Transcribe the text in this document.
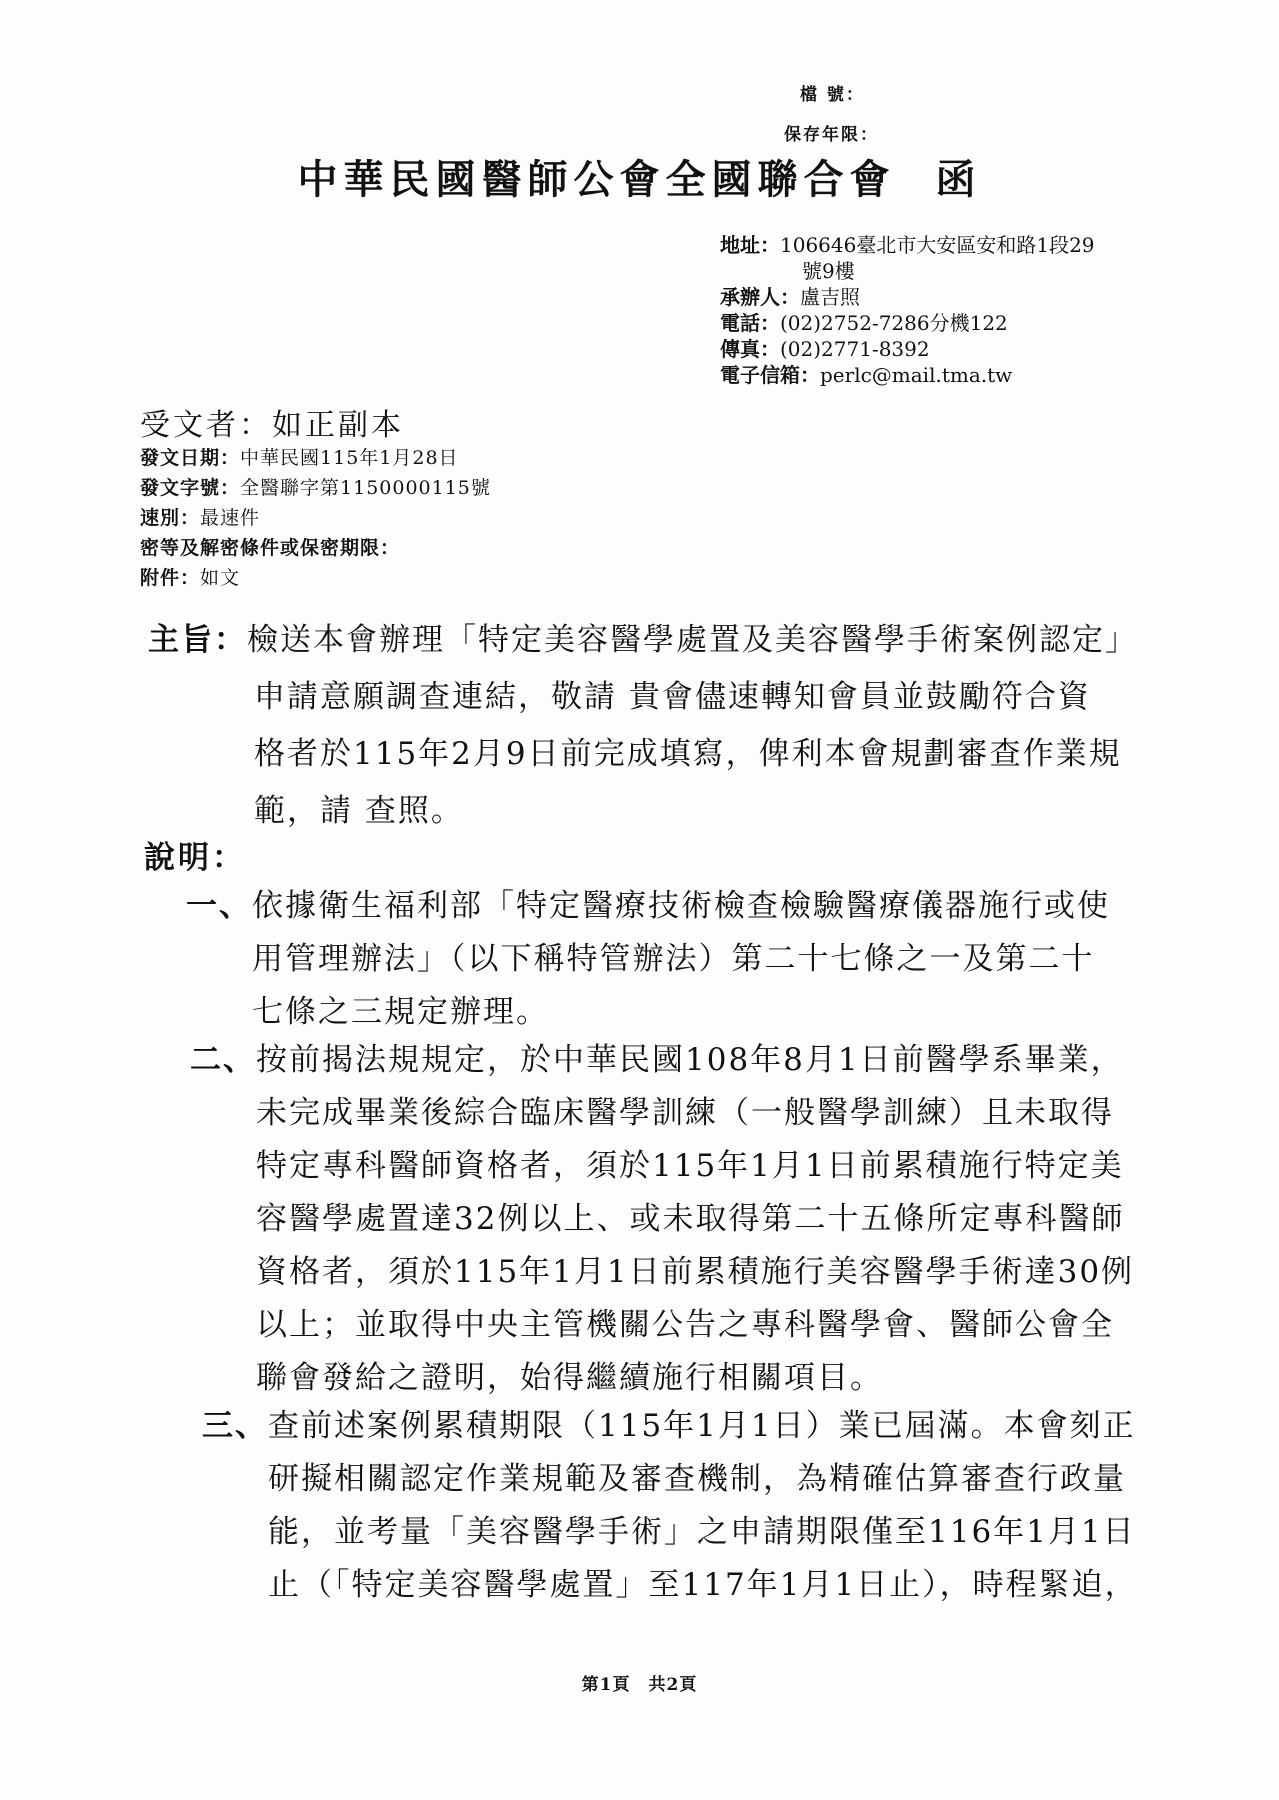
檔 號：
保存年限：
中華民國醫師公會全國聯合會 函
地址：106646臺北市大安區安和路1段29
號9樓
承辦人：盧吉照
電話：(02)2752-7286分機122
傳真：(02)2771-8392
電子信箱：perlc@mail.tma.tw
受文者：如正副本
發文日期：中華民國115年1月28日
發文字號：全醫聯字第1150000115號
速別：最速件
密等及解密條件或保密期限：
附件：如文
主旨：檢送本會辦理「特定美容醫學處置及美容醫學手術案例認定」
申請意願調查連結，敬請 貴會儘速轉知會員並鼓勵符合資
格者於115年2月9日前完成填寫，俾利本會規劃審查作業規
範，請 查照。
說明：
一、依據衛生福利部「特定醫療技術檢查檢驗醫療儀器施行或使
用管理辦法」（以下稱特管辦法）第二十七條之一及第二十
七條之三規定辦理。
二、按前揭法規規定，於中華民國108年8月1日前醫學系畢業，
未完成畢業後綜合臨床醫學訓練（一般醫學訓練）且未取得
特定專科醫師資格者，須於115年1月1日前累積施行特定美
容醫學處置達32例以上、或未取得第二十五條所定專科醫師
資格者，須於115年1月1日前累積施行美容醫學手術達30例
以上；並取得中央主管機關公告之專科醫學會、醫師公會全
聯會發給之證明，始得繼續施行相關項目。
三、查前述案例累積期限（115年1月1日）業已屆滿。本會刻正
研擬相關認定作業規範及審查機制，為精確估算審查行政量
能，並考量「美容醫學手術」之申請期限僅至116年1月1日
止（「特定美容醫學處置」至117年1月1日止），時程緊迫，
第1頁 共2頁
